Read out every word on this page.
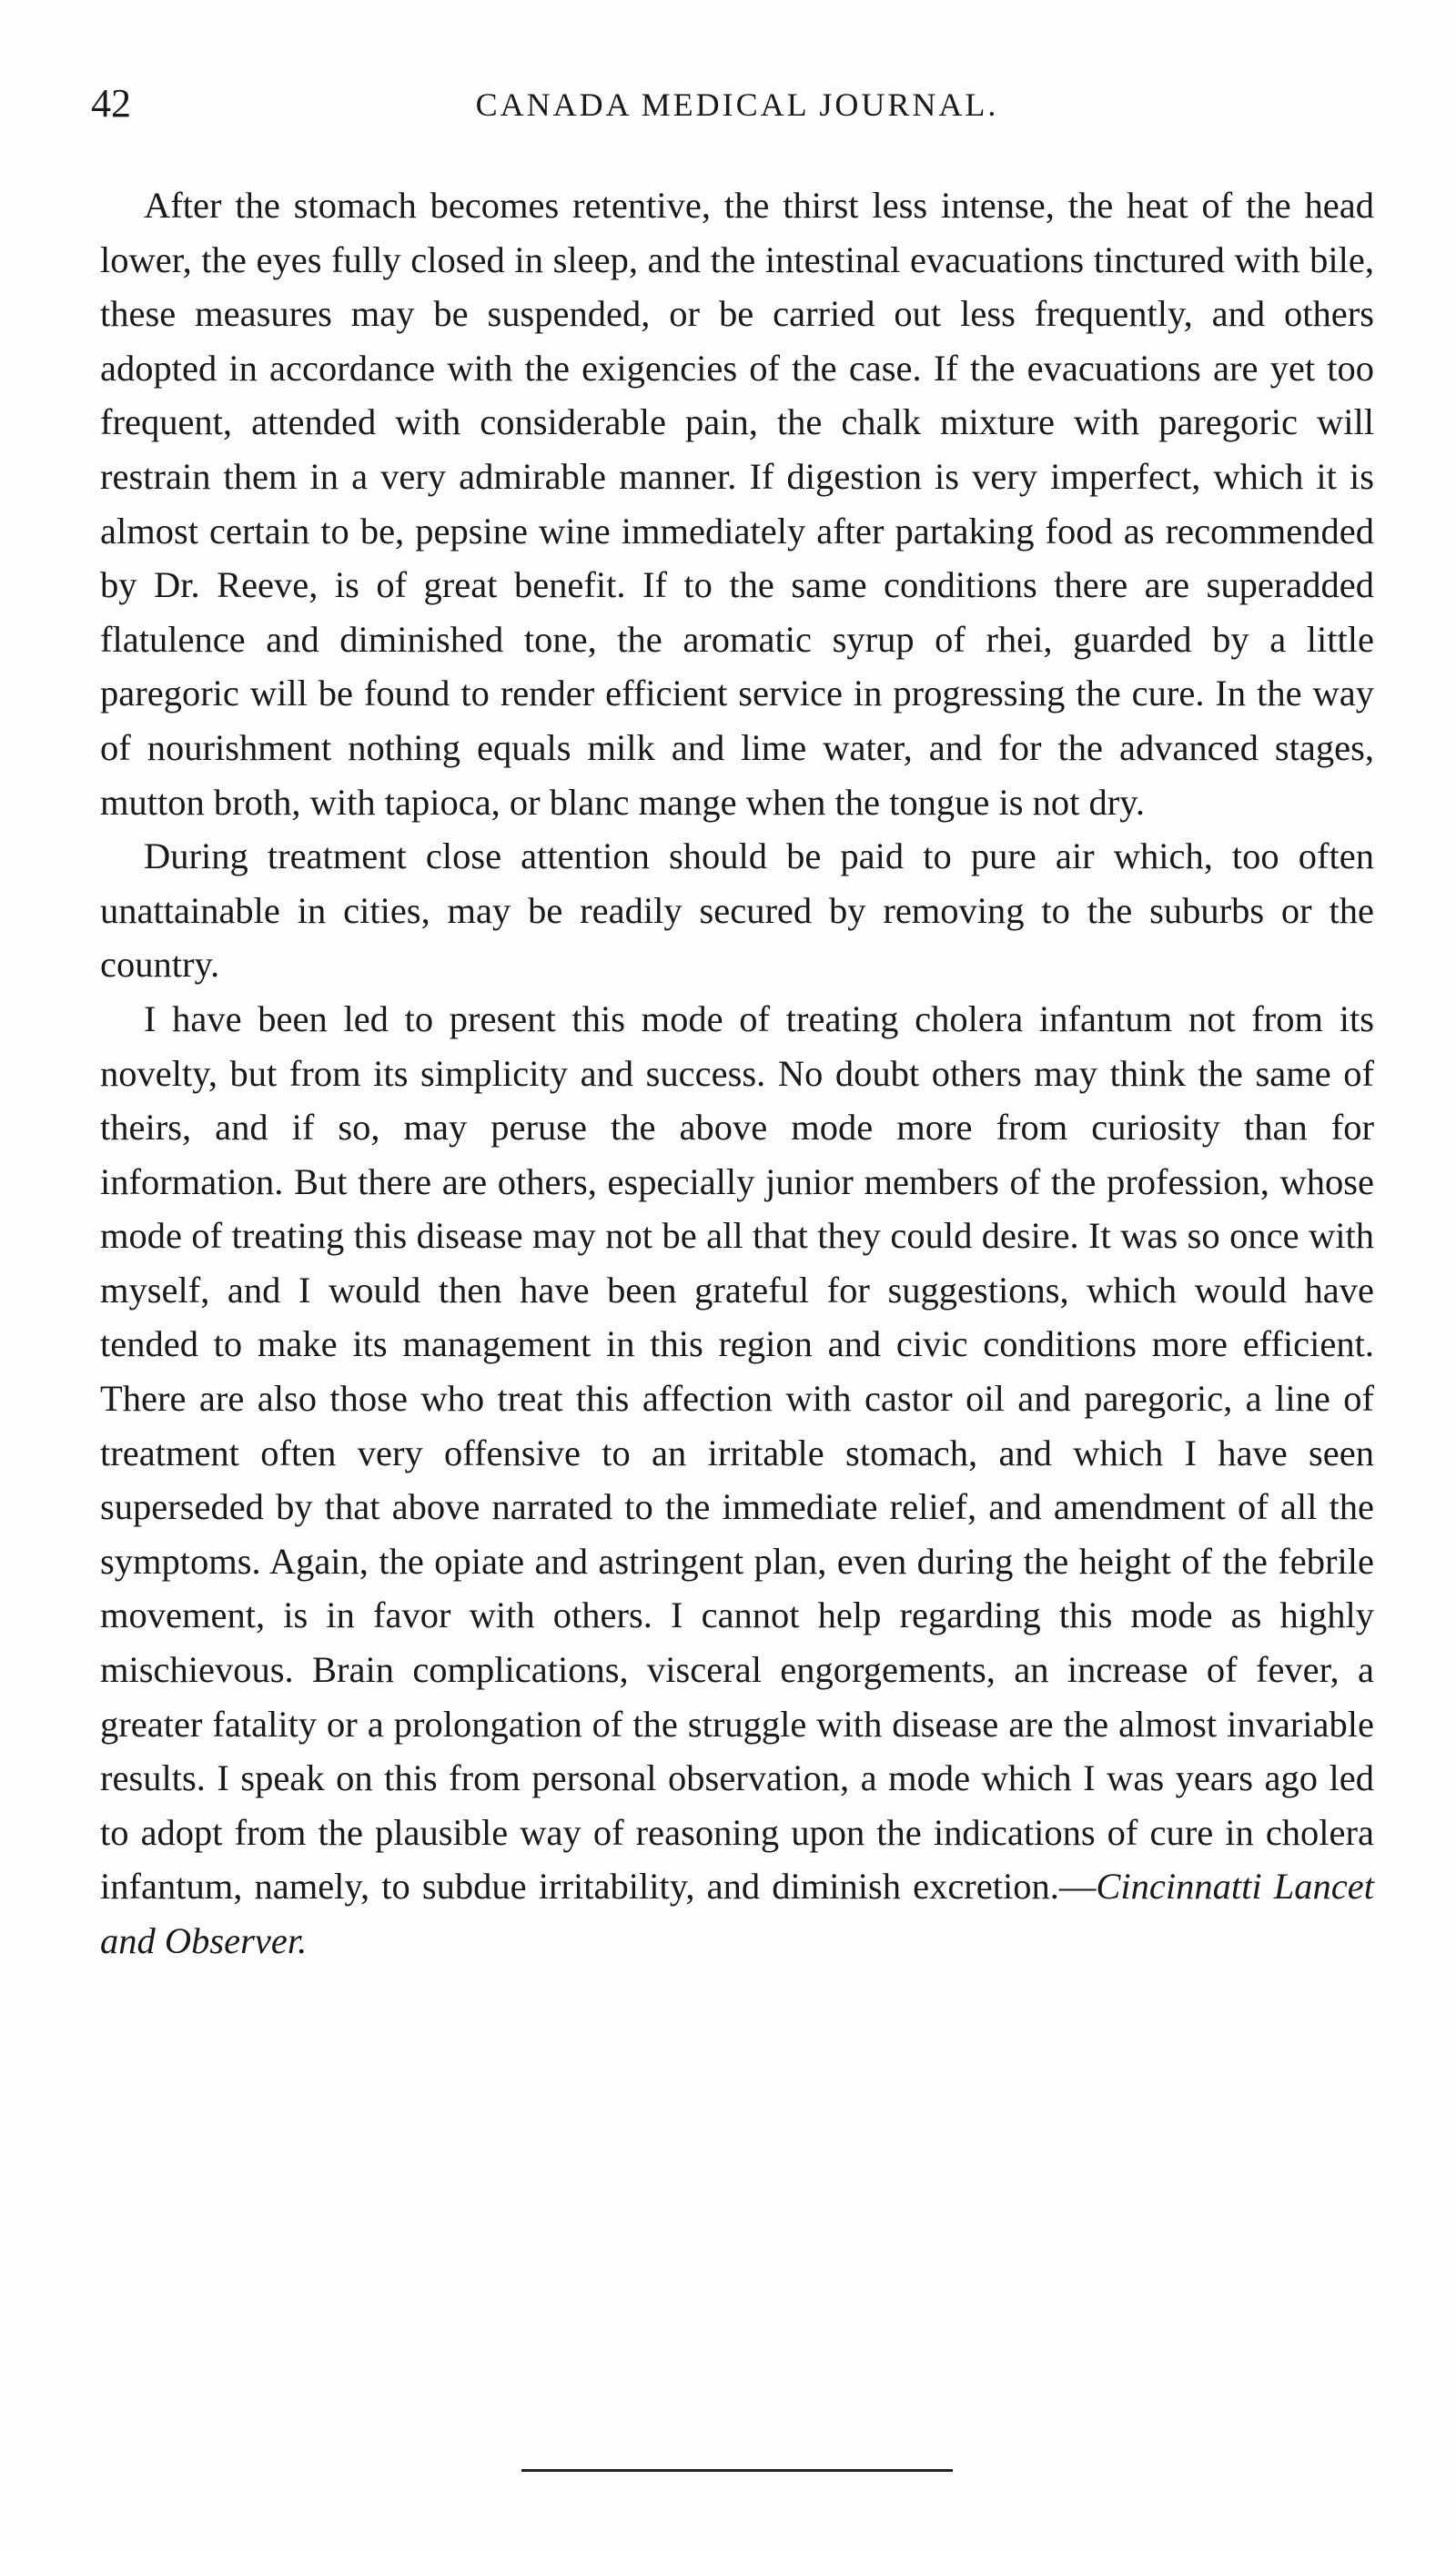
42	CANADA MEDICAL JOURNAL.

After the stomach becomes retentive, the thirst less intense, the heat of the head lower, the eyes fully closed in sleep, and the intestinal evacuations tinctured with bile, these measures may be suspended, or be carried out less frequently, and others adopted in accordance with the exigencies of the case. If the evacuations are yet too frequent, attended with considerable pain, the chalk mixture with paregoric will restrain them in a very admirable manner. If digestion is very imperfect, which it is almost certain to be, pepsine wine immediately after partaking food as recommended by Dr. Reeve, is of great benefit. If to the same conditions there are superadded flatulence and diminished tone, the aromatic syrup of rhei, guarded by a little paregoric will be found to render efficient service in progressing the cure. In the way of nourishment nothing equals milk and lime water, and for the advanced stages, mutton broth, with tapioca, or blanc mange when the tongue is not dry.

During treatment close attention should be paid to pure air which, too often unattainable in cities, may be readily secured by removing to the suburbs or the country.

I have been led to present this mode of treating cholera infantum not from its novelty, but from its simplicity and success. No doubt others may think the same of theirs, and if so, may peruse the above mode more from curiosity than for information. But there are others, especially junior members of the profession, whose mode of treating this disease may not be all that they could desire. It was so once with myself, and I would then have been grateful for suggestions, which would have tended to make its management in this region and civic conditions more efficient. There are also those who treat this affection with castor oil and paregoric, a line of treatment often very offensive to an irritable stomach, and which I have seen superseded by that above narrated to the immediate relief, and amendment of all the symptoms. Again, the opiate and astringent plan, even during the height of the febrile movement, is in favor with others. I cannot help regarding this mode as highly mischievous. Brain complications, visceral engorgements, an increase of fever, a greater fatality or a prolongation of the struggle with disease are the almost invariable results. I speak on this from personal observation, a mode which I was years ago led to adopt from the plausible way of reasoning upon the indications of cure in cholera infantum, namely, to subdue irritability, and diminish excretion.—Cincinnatti Lancet and Observer.
